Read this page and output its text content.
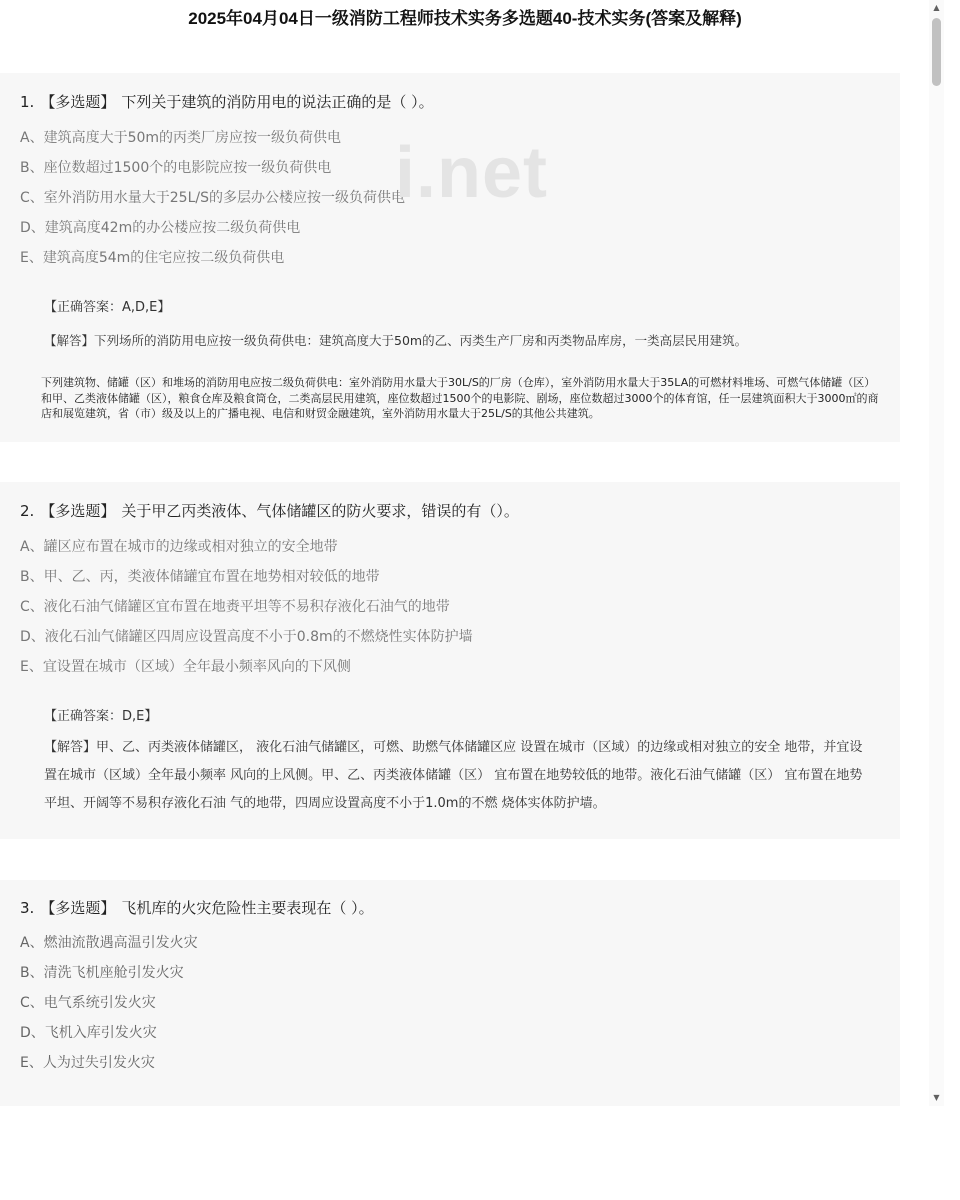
2025年04月04日一级消防工程师技术实务多选题40-技术实务(答案及解释)
1. 【多选题】 下列关于建筑的消防用电的说法正确的是（ ）。
A、建筑高度大于50m的丙类厂房应按一级负荷供电
B、座位数超过1500个的电影院应按一级负荷供电
C、室外消防用水量大于25L/S的多层办公楼应按一级负荷供电
D、建筑高度42m的办公楼应按二级负荷供电
E、建筑高度54m的住宅应按二级负荷供电
【正确答案：A,D,E】
【解答】下列场所的消防用电应按一级负荷供电：建筑高度大于50m的乙、丙类生产厂房和丙类物品库房，一类高层民用建筑。
下列建筑物、储罐（区）和堆场的消防用电应按二级负荷供电：室外消防用水量大于30L/S的厂房（仓库），室外消防用水量大于35LA的可燃材料堆场、可燃气体储罐（区）和甲、乙类液体储罐（区），粮食仓库及粮食筒仓，二类高层民用建筑，座位数超过1500个的电影院、剧场，座位数超过3000个的体育馆，任一层建筑面积大于3000㎡的商店和展览建筑，省（市）级及以上的广播电视、电信和财贸金融建筑，室外消防用水量大于25L/S的其他公共建筑。
2. 【多选题】 关于甲乙丙类液体、气体储罐区的防火要求，错误的有（）。
A、罐区应布置在城市的边缘或相对独立的安全地带
B、甲、乙、丙，类液体储罐宜布置在地势相对较低的地带
C、液化石油气储罐区宜布置在地赉平坦等不易积存液化石油气的地带
D、液化石汕气储罐区四周应设置高度不小于0.8m的不燃烧性实体防护墙
E、宜设置在城市（区域）全年最小频率风向的下风侧
【正确答案：D,E】
【解答】甲、乙、丙类液体储罐区， 液化石油气储罐区，可燃、助燃气体储罐区应 设置在城市（区域）的边缘或相对独立的安全 地带，并宜设置在城市（区域）全年最小频率 风向的上风侧。甲、乙、丙类液体储罐（区） 宜布置在地势较低的地带。液化石油气储罐（区） 宜布置在地势平坦、开阔等不易积存液化石油 气的地带，四周应设置高度不小于1.0m的不燃 烧体实体防护墙。
3. 【多选题】 飞机库的火灾危险性主要表现在（ ）。
A、燃油流散遇高温引发火灾
B、清洗飞机座舱引发火灾
C、电气系统引发火灾
D、飞机入库引发火灾
E、人为过失引发火灾
i.net
▲
▼
